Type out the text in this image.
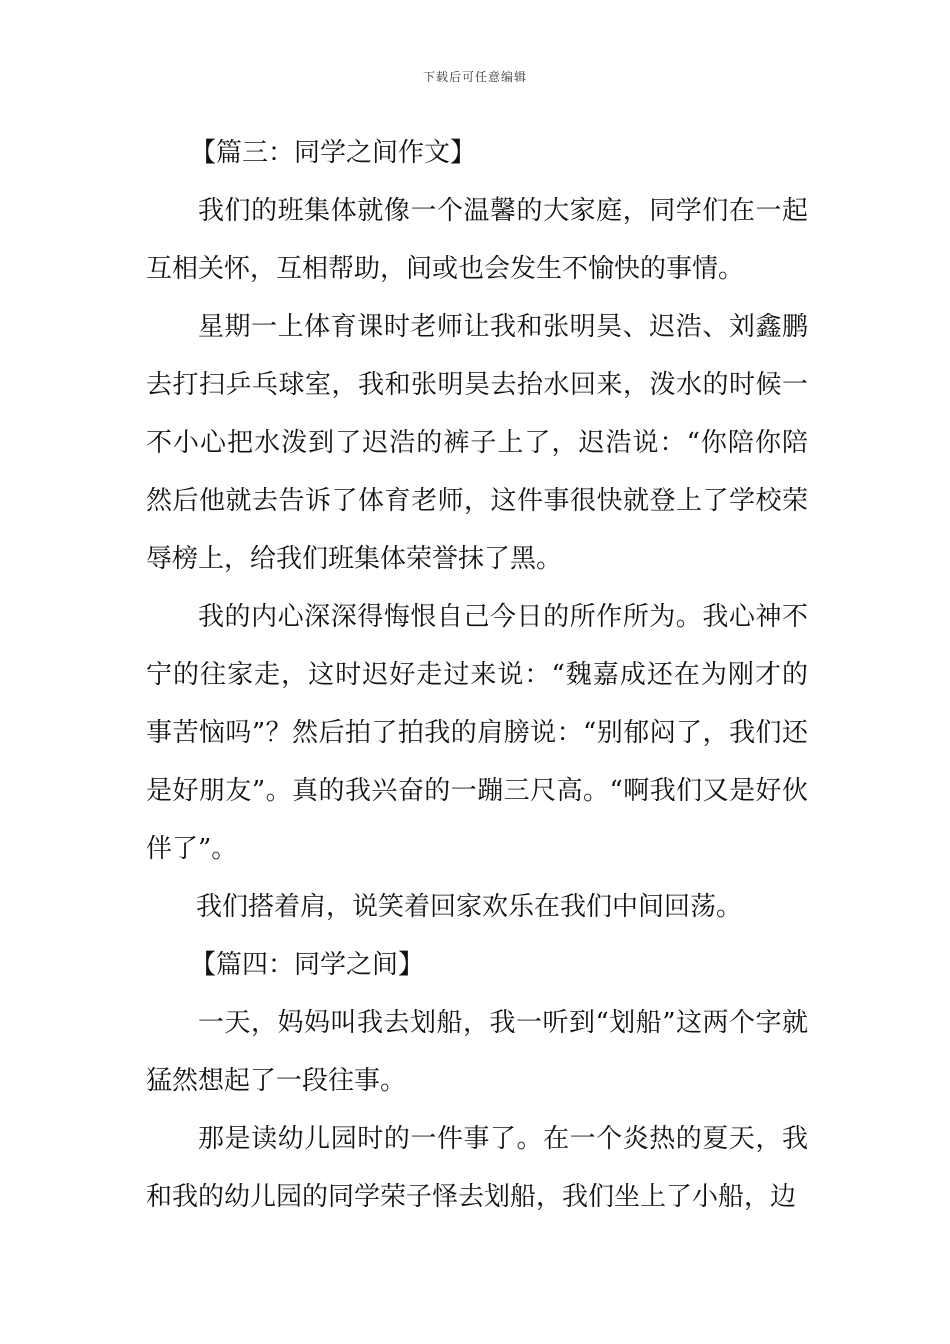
下载后可任意编辑

【篇三：同学之间作文】

我们的班集体就像一个温馨的大家庭，同学们在一起互相关怀，互相帮助，间或也会发生不愉快的事情。

星期一上体育课时老师让我和张明昊、迟浩、刘鑫鹏去打扫乒乓球室，我和张明昊去抬水回来，泼水的时候一不小心把水泼到了迟浩的裤子上了，迟浩说：“你陪你陪然后他就去告诉了体育老师，这件事很快就登上了学校荣辱榜上，给我们班集体荣誉抹了黑。

我的内心深深得悔恨自己今日的所作所为。我心神不宁的往家走，这时迟好走过来说：“魏嘉成还在为刚才的事苦恼吗”？然后拍了拍我的肩膀说：“别郁闷了，我们还是好朋友”。真的我兴奋的一蹦三尺高。“啊我们又是好伙伴了”。

我们搭着肩，说笑着回家欢乐在我们中间回荡。

【篇四：同学之间】

一天，妈妈叫我去划船，我一听到“划船”这两个字就猛然想起了一段往事。

那是读幼儿园时的一件事了。在一个炎热的夏天，我和我的幼儿园的同学荣子怿去划船，我们坐上了小船，边
